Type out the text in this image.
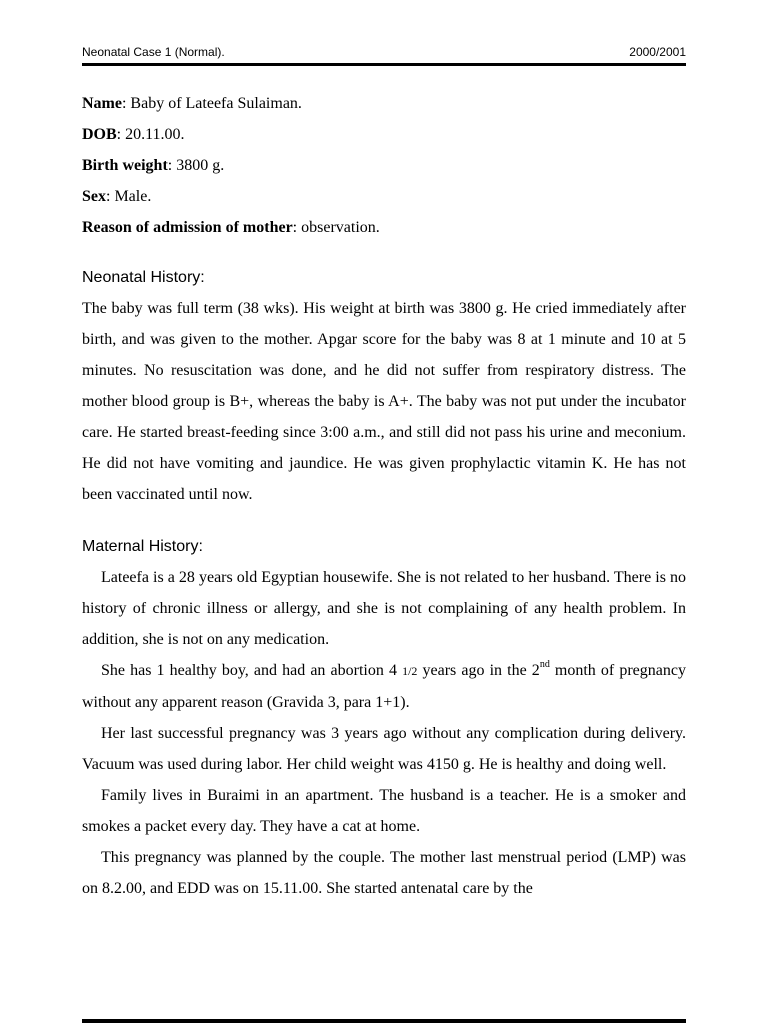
Neonatal Case 1 (Normal).	2000/2001
Name: Baby of Lateefa Sulaiman.
DOB: 20.11.00.
Birth weight: 3800 g.
Sex: Male.
Reason of admission of mother: observation.
Neonatal History:
The baby was full term (38 wks). His weight at birth was 3800 g. He cried immediately after birth, and was given to the mother. Apgar score for the baby was 8 at 1 minute and 10 at 5 minutes. No resuscitation was done, and he did not suffer from respiratory distress. The mother blood group is B+, whereas the baby is A+. The baby was not put under the incubator care. He started breast-feeding since 3:00 a.m., and still did not pass his urine and meconium. He did not have vomiting and jaundice. He was given prophylactic vitamin K. He has not been vaccinated until now.
Maternal History:
Lateefa is a 28 years old Egyptian housewife. She is not related to her husband. There is no history of chronic illness or allergy, and she is not complaining of any health problem. In addition, she is not on any medication.
She has 1 healthy boy, and had an abortion 4 1/2 years ago in the 2nd month of pregnancy without any apparent reason (Gravida 3, para 1+1).
Her last successful pregnancy was 3 years ago without any complication during delivery. Vacuum was used during labor. Her child weight was 4150 g. He is healthy and doing well.
Family lives in Buraimi in an apartment. The husband is a teacher. He is a smoker and smokes a packet every day. They have a cat at home.
This pregnancy was planned by the couple. The mother last menstrual period (LMP) was on 8.2.00, and EDD was on 15.11.00. She started antenatal care by the
